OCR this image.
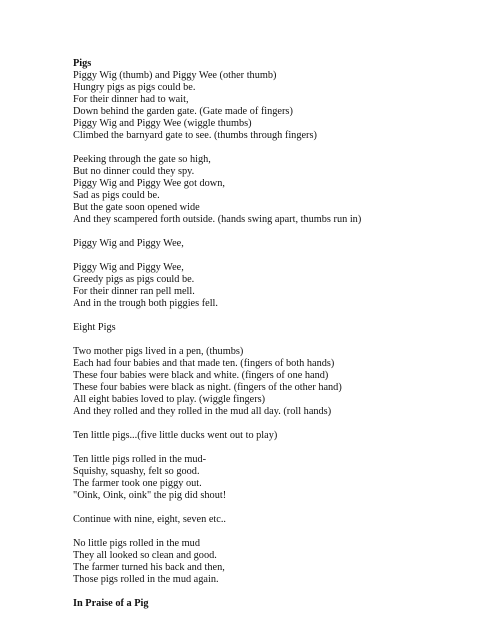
Pigs
Piggy Wig (thumb) and Piggy Wee (other thumb)
Hungry pigs as pigs could be.
For their dinner had to wait,
Down behind the garden gate. (Gate made of fingers)
Piggy Wig and Piggy Wee (wiggle thumbs)
Climbed the barnyard gate to see. (thumbs through fingers)
Peeking through the gate so high,
But no dinner could they spy.
Piggy Wig and Piggy Wee got down,
Sad as pigs could be.
But the gate soon opened wide
And they scampered forth outside. (hands swing apart, thumbs run in)
Piggy Wig and Piggy Wee,
Piggy Wig and Piggy Wee,
Greedy pigs as pigs could be.
For their dinner ran pell mell.
And in the trough both piggies fell.
Eight Pigs
Two mother pigs lived in a pen, (thumbs)
Each had four babies and that made ten. (fingers of both hands)
These four babies were black and white. (fingers of one hand)
These four babies were black as night. (fingers of the other hand)
All eight babies loved to play. (wiggle fingers)
And they rolled and they rolled in the mud all day. (roll hands)
Ten little pigs...(five little ducks went out to play)
Ten little pigs rolled in the mud-
Squishy, squashy, felt so good.
The farmer took one piggy out.
"Oink, Oink, oink" the pig did shout!
Continue with nine, eight, seven etc..
No little pigs rolled in the mud
They all looked so clean and good.
The farmer turned his back and then,
Those pigs rolled in the mud again.
In Praise of a Pig
